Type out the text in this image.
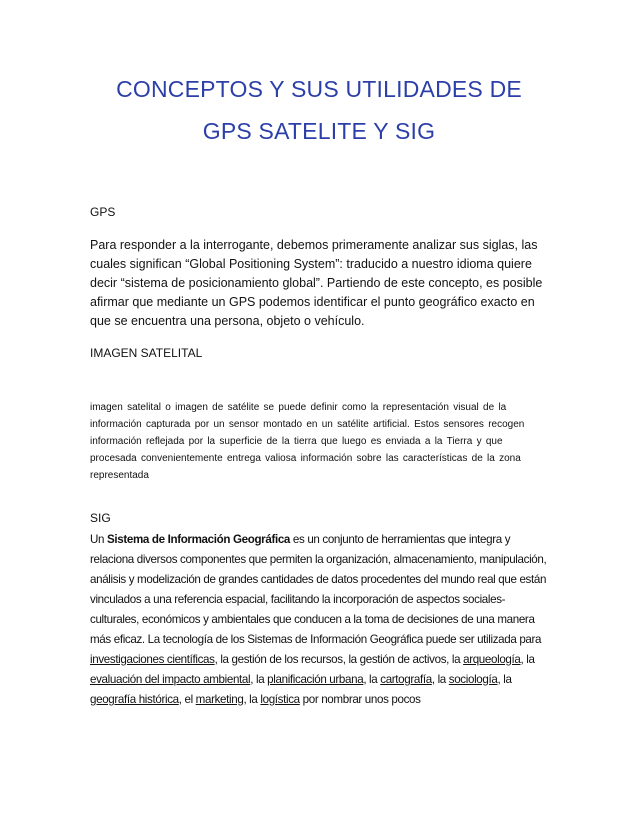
CONCEPTOS Y SUS UTILIDADES DE
GPS SATELITE Y SIG
GPS
Para responder a la interrogante, debemos primeramente analizar sus siglas, las cuales significan “Global Positioning System”: traducido a nuestro idioma quiere decir “sistema de posicionamiento global”. Partiendo de este concepto, es posible afirmar que mediante un GPS podemos identificar el punto geográfico exacto en que se encuentra una persona, objeto o vehículo.
IMAGEN SATELITAL
imagen satelital o imagen de satélite se puede definir como la representación visual de la información capturada por un sensor montado en un satélite artificial. Estos sensores recogen información reflejada por la superficie de la tierra que luego es enviada a la Tierra y que procesada convenientemente entrega valiosa información sobre las características de la zona representada
SIG
Un Sistema de Información Geográfica es un conjunto de herramientas que integra y relaciona diversos componentes que permiten la organización, almacenamiento, manipulación, análisis y modelización de grandes cantidades de datos procedentes del mundo real que están vinculados a una referencia espacial, facilitando la incorporación de aspectos sociales-culturales, económicos y ambientales que conducen a la toma de decisiones de una manera más eficaz. La tecnología de los Sistemas de Información Geográfica puede ser utilizada para investigaciones científicas, la gestión de los recursos, la gestión de activos, la arqueología, la evaluación del impacto ambiental, la planificación urbana, la cartografía, la sociología, la geografía histórica, el marketing, la logística por nombrar unos pocos
